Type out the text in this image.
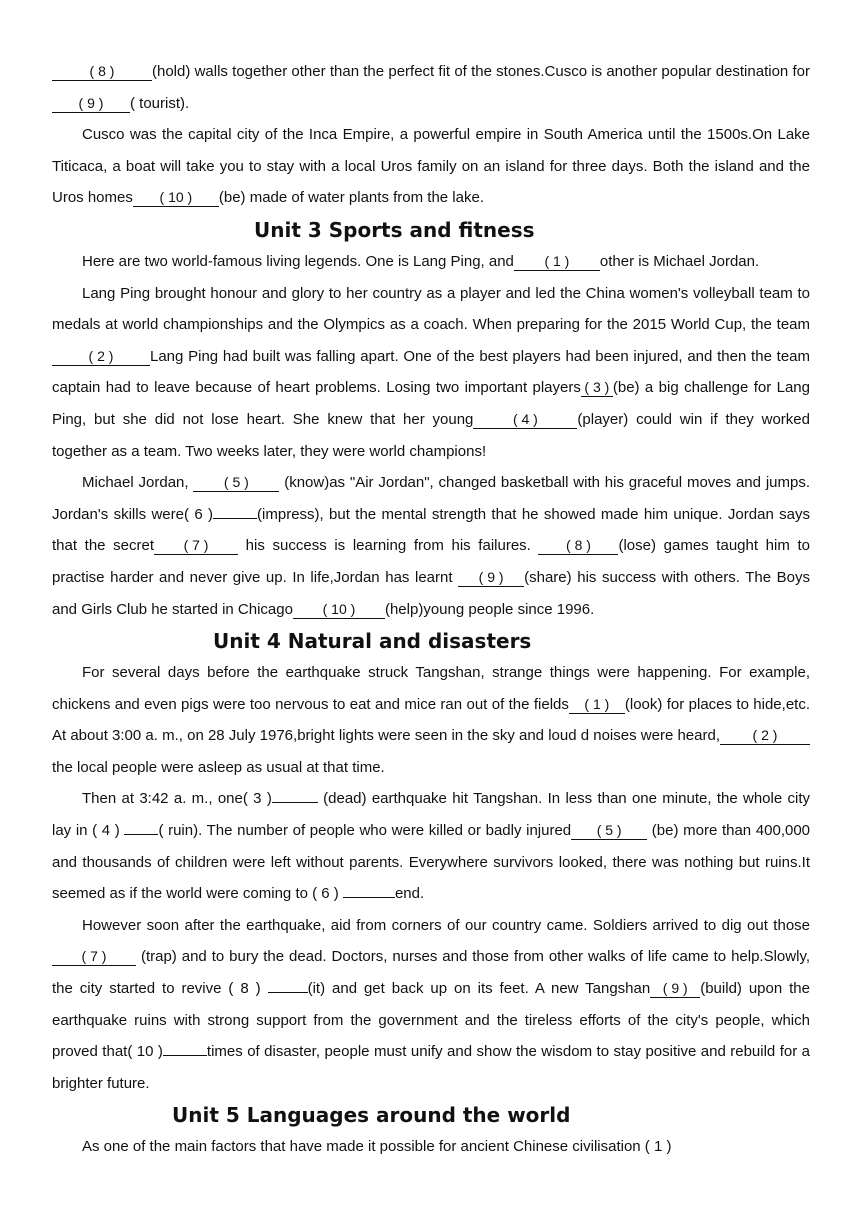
( 8 )	(hold) walls together other than the perfect fit of the stones.Cusco is another popular destination for( 9 ) ( tourist).

Cusco was the capital city of the Inca Empire, a powerful empire in South America until the 1500s.On Lake Titicaca, a boat will take you to stay with a local Uros family on an island for three days. Both the island and the Uros homes ( 10 ) (be) made of water plants from the lake.

Unit 3 Sports and fitness

Here are two world-famous living legends. One is Lang Ping, and ( 1 ) other is Michael Jordan.

Lang Ping brought honour and glory to her country as a player and led the China women's volleyball team to medals at world championships and the Olympics as a coach. When preparing for the 2015 World Cup, the team( 2 ) Lang Ping had built was falling apart. One of the best players had been injured, and then the team captain had to leave because of heart problems. Losing two important players ( 3 ) (be) a big challenge for Lang Ping, but she did not lose heart. She knew that her young	( 4 )	(player) could win if they worked together as a team. Two weeks later, they were world champions!

Michael Jordan, ( 5 ) (know)as "Air Jordan", changed basketball with his graceful moves and jumps. Jordan's skills were( 6 )	(impress), but the mental strength that he showed made him unique. Jordan says that the secret ( 7 ) his success is learning from his failures. ( 8 ) (lose) games taught him to practise harder and never give up. In life,Jordan has learnt ( 9 ) (share) his success with others. The Boys and Girls Club he started in Chicago ( 10 ) (help)young people since 1996.

Unit 4 Natural and disasters

For several days before the earthquake struck Tangshan, strange things were happening. For example, chickens and even pigs were too nervous to eat and mice ran out of the fields ( 1 ) (look) for places to hide,etc. At about 3:00 a. m., on 28 July 1976,bright lights were seen in the sky and loud d noises were heard, ( 2 )the local people were asleep as usual at that time.

Then at 3:42 a. m., one( 3 )	(dead) earthquake hit Tangshan. In less than one minute, the whole city lay in ( 4 ) ( ruin). The number of people who were killed or badly injured ( 5 ) (be) more than 400,000 and thousands of children were left without parents. Everywhere survivors looked, there was nothing but ruins.It seemed as if the world were coming to ( 6 )	end.

However soon after the earthquake, aid from corners of our country came. Soldiers arrived to dig out those( 7 ) (trap) and to bury the dead. Doctors, nurses and those from other walks of life came to help.Slowly, the city started to revive ( 8 )	(it) and get back up on its feet. A new Tangshan ( 9 ) (build) upon the earthquake ruins with strong support from the government and the tireless efforts of the city's people, which proved that( 10 )	times of disaster, people must unify and show the wisdom to stay positive and rebuild for a brighter future.

Unit 5 Languages around the world

As one of the main factors that have made it possible for ancient Chinese civilisation ( 1 )
